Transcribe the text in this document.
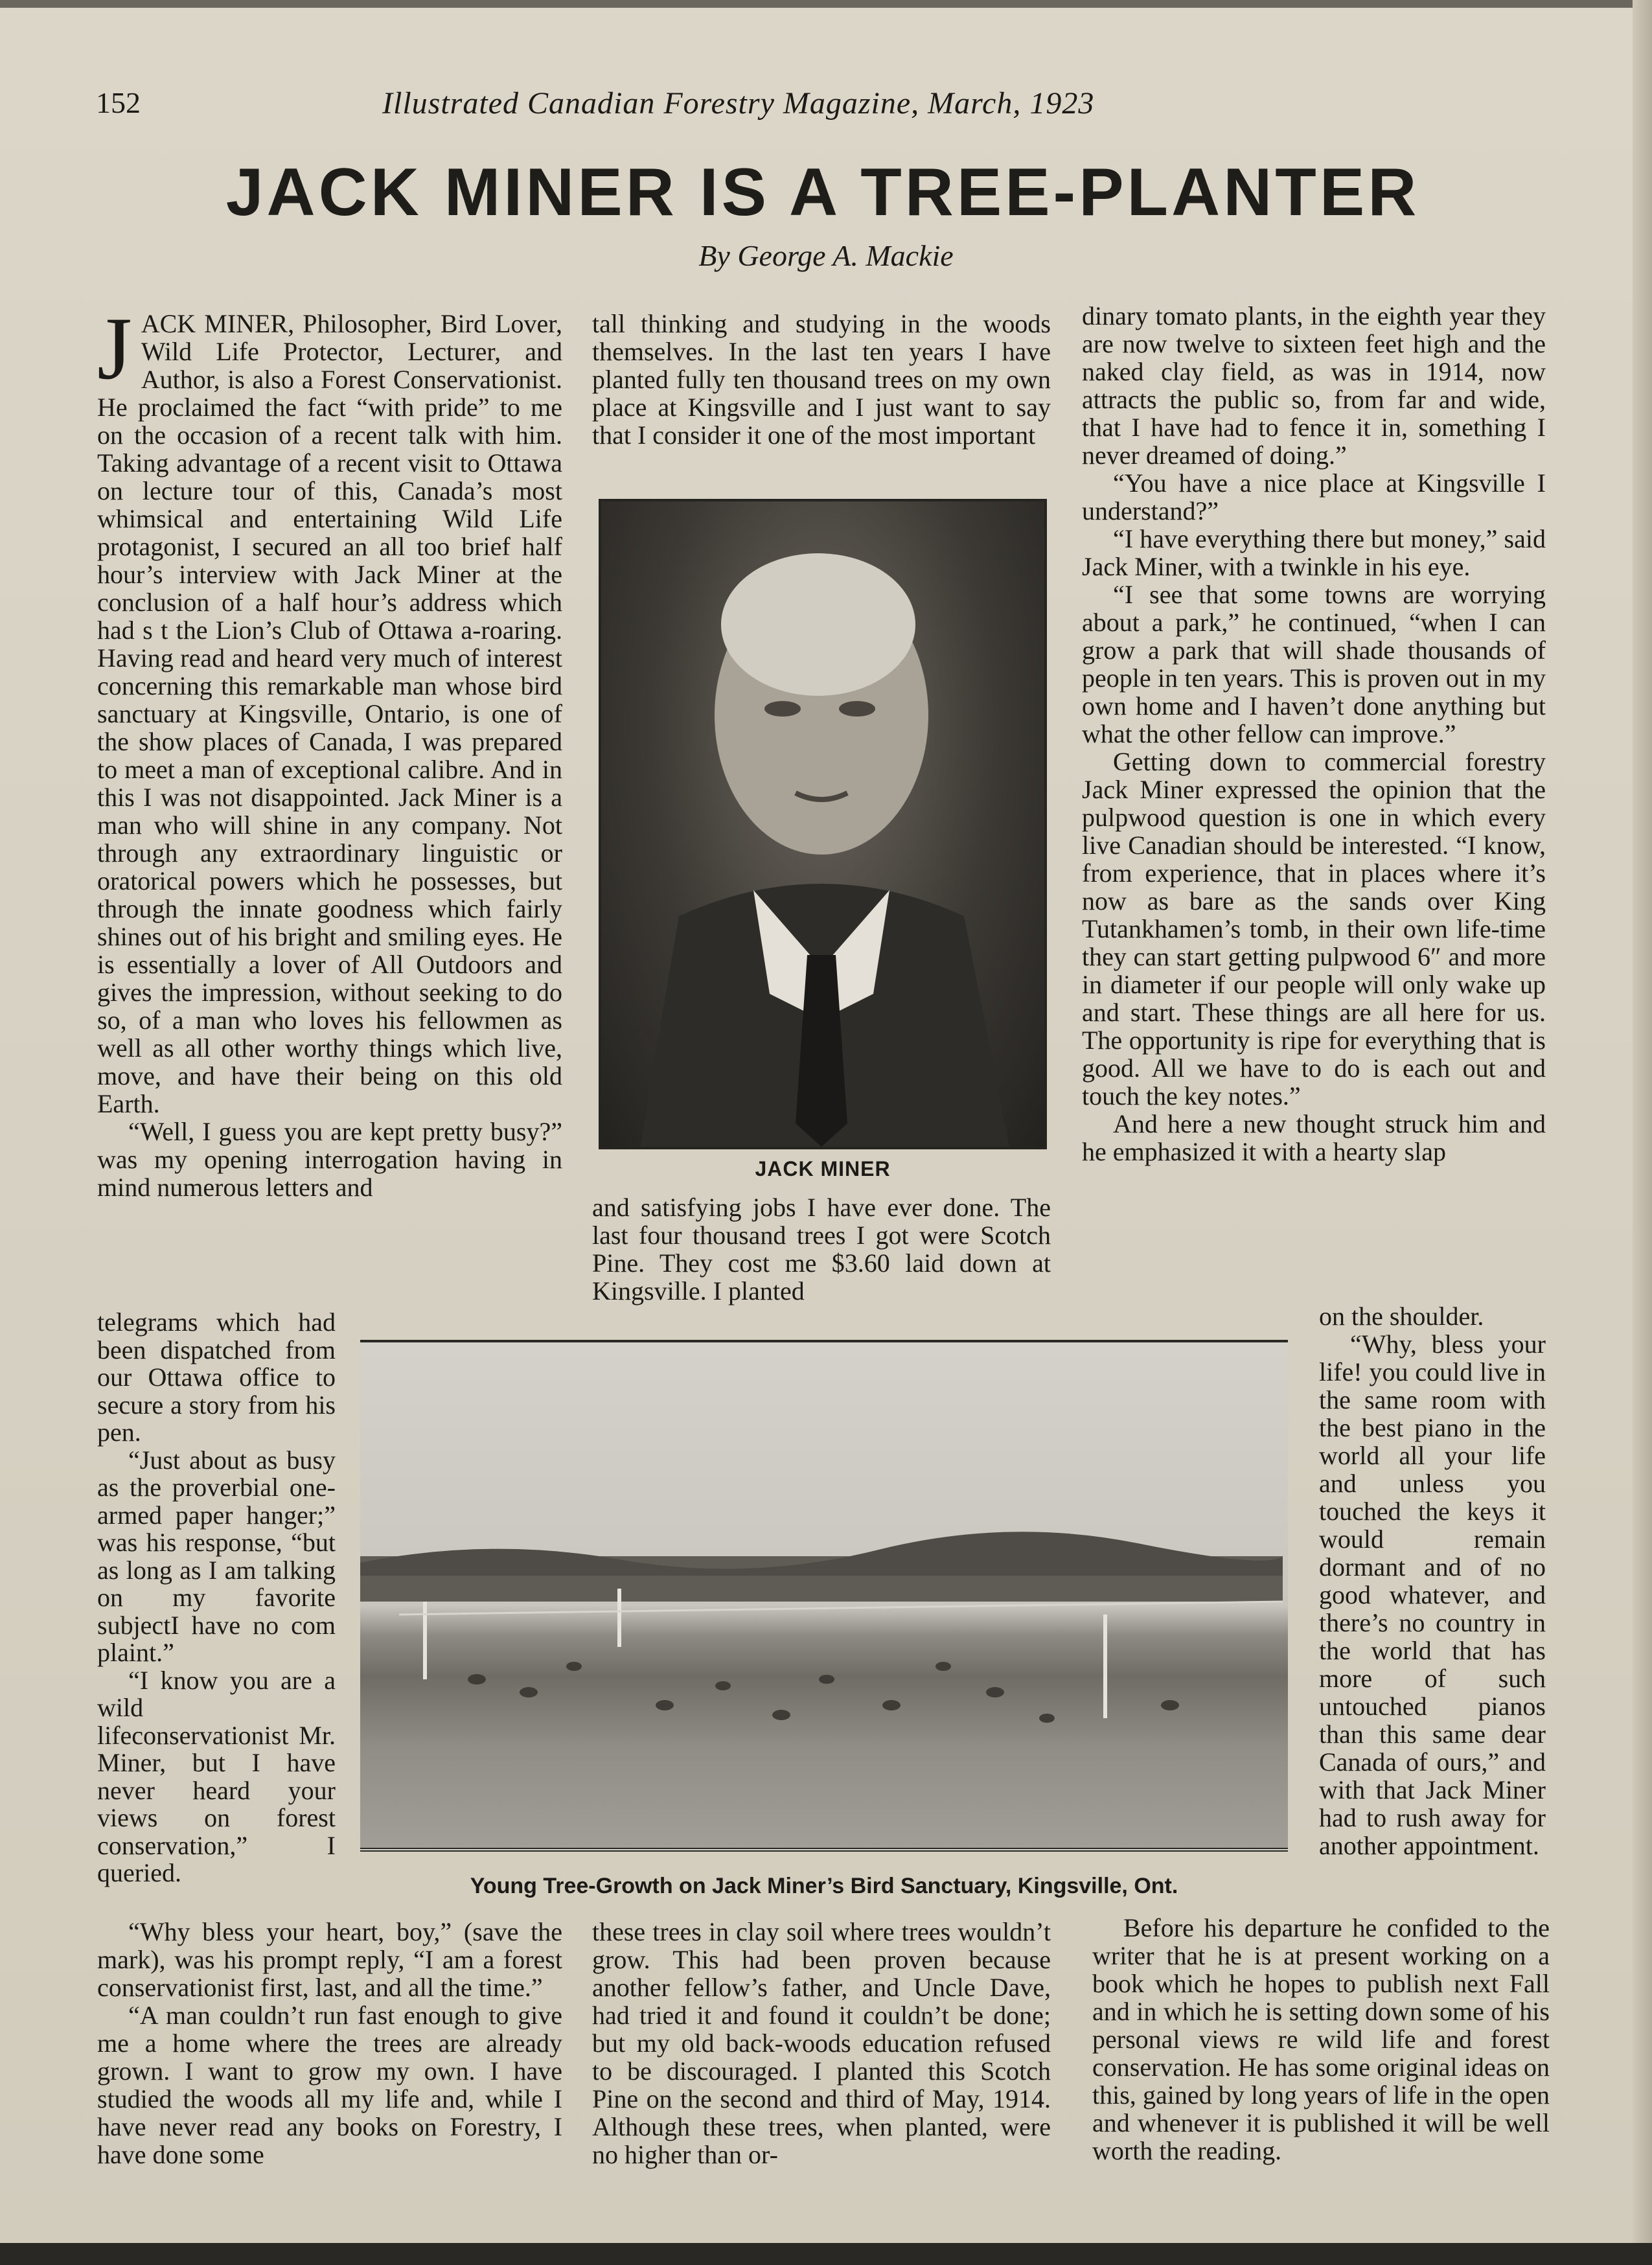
152	Illustrated Canadian Forestry Magazine, March, 1923
JACK MINER IS A TREE-PLANTER
By George A. Mackie

JACK MINER, Philosopher, Bird Lover, Wild Life Protector, Lecturer, and Author, is also a Forest Conservationist. He proclaimed the fact “with pride” to me on the occasion of a recent talk with him. Taking advantage of a recent visit to Ottawa on lecture tour of this, Canada’s most whimsical and entertaining Wild Life protagonist, I secured an all too brief half hour’s interview with Jack Miner at the conclusion of a half hour’s address which had s t the Lion’s Club of Ottawa a-roaring. Having read and heard very much of interest concerning this remarkable man whose bird sanctuary at Kingsville, Ontario, is one of the show places of Canada, I was prepared to meet a man of exceptional calibre. And in this I was not disappointed. Jack Miner is a man who will shine in any company. Not through any extraordinary linguistic or oratorical powers which he possesses, but through the innate goodness which fairly shines out of his bright and smiling eyes. He is essentially a lover of All Outdoors and gives the impression, without seeking to do so, of a man who loves his fellowmen as well as all other worthy things which live, move, and have their being on this old Earth.

“Well, I guess you are kept pretty busy?” was my opening interrogation having in mind numerous letters and

telegrams which had been dispatched from our Ottawa office to secure a story from his pen.

“Just about as busy as the proverbial one-armed paper hanger;” was his response, “but as long as I am talking on my favorite subjectI have no com plaint.”

“I know you are a wild lifeconservationist Mr. Miner, but I have never heard your views on forest conservation,” I queried.

“Why bless your heart, boy,” (save the mark), was his prompt reply, “I am a forest conservationist first, last, and all the time.”

“A man couldn’t run fast enough to give me a home where the trees are already grown. I want to grow my own. I have studied the woods all my life and, while I have never read any books on Forestry, I have done some

tall thinking and studying in the woods themselves. In the last ten years I have planted fully ten thousand trees on my own place at Kingsville and I just want to say that I consider it one of the most important

JACK MINER

and satisfying jobs I have ever done. The last four thousand trees I got were Scotch Pine. They cost me $3.60 laid down at Kingsville. I planted

these trees in clay soil where trees wouldn’t grow. This had been proven because another fellow’s father, and Uncle Dave, had tried it and found it couldn’t be done; but my old back-woods education refused to be discouraged. I planted this Scotch Pine on the second and third of May, 1914. Although these trees, when planted, were no higher than or-

dinary tomato plants, in the eighth year they are now twelve to sixteen feet high and the naked clay field, as was in 1914, now attracts the public so, from far and wide, that I have had to fence it in, something I never dreamed of doing.”

“You have a nice place at Kingsville I understand?”

“I have everything there but money,” said Jack Miner, with a twinkle in his eye.

“I see that some towns are worrying about a park,” he continued, “when I can grow a park that will shade thousands of people in ten years. This is proven out in my own home and I haven’t done anything but what the other fellow can improve.”

Getting down to commercial forestry Jack Miner expressed the opinion that the pulpwood question is one in which every live Canadian should be interested. “I know, from experience, that in places where it’s now as bare as the sands over King Tutankhamen’s tomb, in their own life-time they can start getting pulpwood 6″ and more in diameter if our people will only wake up and start. These things are all here for us. The opportunity is ripe for everything that is good. All we have to do is each out and touch the key notes.”

And here a new thought struck him and he emphasized it with a hearty slap

on the shoulder.

“Why, bless your life! you could live in the same room with the best piano in the world all your life and unless you touched the keys it would remain dormant and of no good whatever, and there’s no country in the world that has more of such untouched pianos than this same dear Canada of ours,” and with that Jack Miner had to rush away for another appointment.

Before his departure he confided to the writer that he is at present working on a book which he hopes to publish next Fall and in which he is setting down some of his personal views re wild life and forest conservation. He has some original ideas on this, gained by long years of life in the open and whenever it is published it will be well worth the reading.

Young Tree-Growth on Jack Miner’s Bird Sanctuary, Kingsville, Ont.
